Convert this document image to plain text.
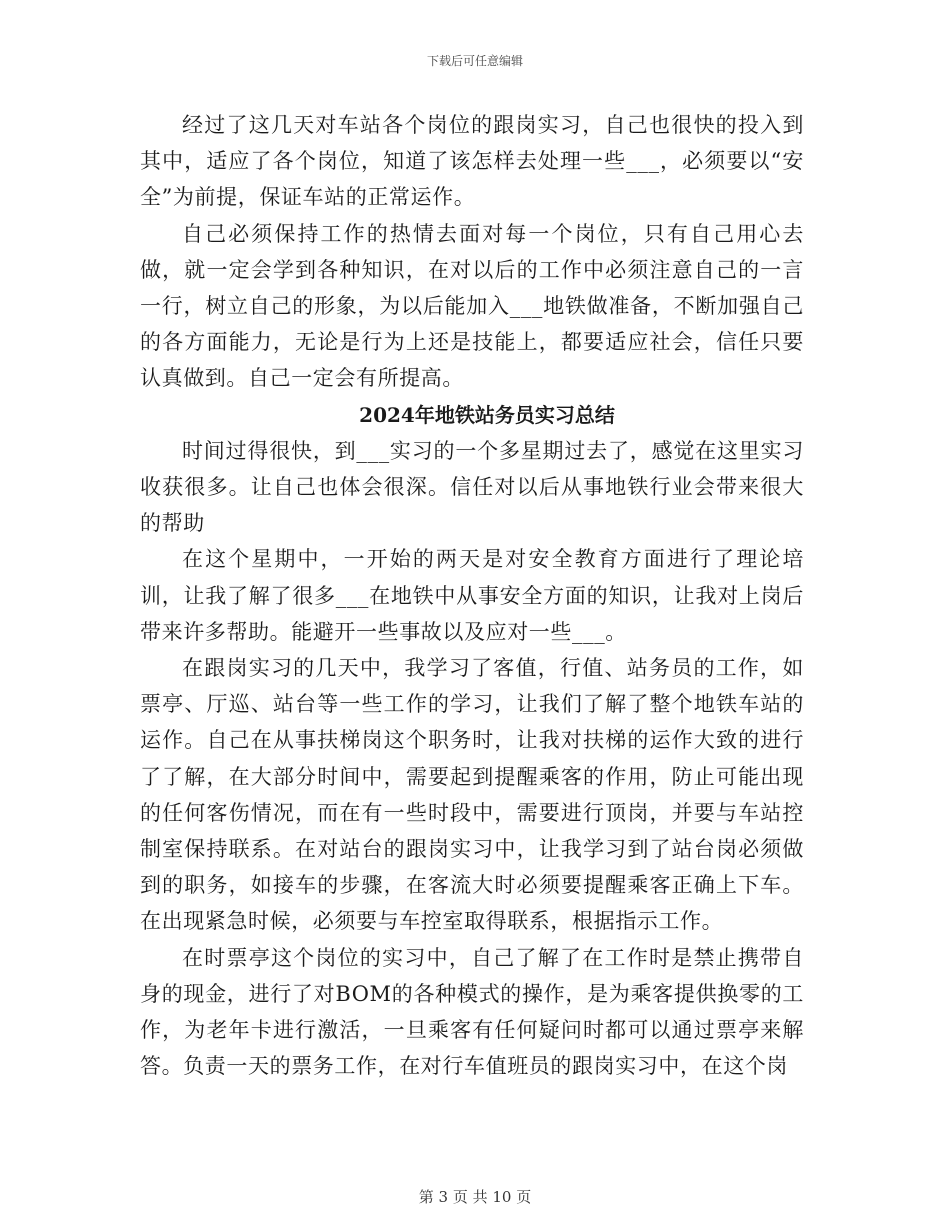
下载后可任意编辑

经过了这几天对车站各个岗位的跟岗实习，自己也很快的投入到其中，适应了各个岗位，知道了该怎样去处理一些___，必须要以“安全”为前提，保证车站的正常运作。

自己必须保持工作的热情去面对每一个岗位，只有自己用心去做，就一定会学到各种知识，在对以后的工作中必须注意自己的一言一行，树立自己的形象，为以后能加入___地铁做准备，不断加强自己的各方面能力，无论是行为上还是技能上，都要适应社会，信任只要认真做到。自己一定会有所提高。

2024年地铁站务员实习总结

时间过得很快，到___实习的一个多星期过去了，感觉在这里实习收获很多。让自己也体会很深。信任对以后从事地铁行业会带来很大的帮助

在这个星期中，一开始的两天是对安全教育方面进行了理论培训，让我了解了很多___在地铁中从事安全方面的知识，让我对上岗后带来许多帮助。能避开一些事故以及应对一些___。

在跟岗实习的几天中，我学习了客值，行值、站务员的工作，如票亭、厅巡、站台等一些工作的学习，让我们了解了整个地铁车站的运作。自己在从事扶梯岗这个职务时，让我对扶梯的运作大致的进行了了解，在大部分时间中，需要起到提醒乘客的作用，防止可能出现的任何客伤情况，而在有一些时段中，需要进行顶岗，并要与车站控制室保持联系。在对站台的跟岗实习中，让我学习到了站台岗必须做到的职务，如接车的步骤，在客流大时必须要提醒乘客正确上下车。在出现紧急时候，必须要与车控室取得联系，根据指示工作。

在时票亭这个岗位的实习中，自己了解了在工作时是禁止携带自身的现金，进行了对BOM的各种模式的操作，是为乘客提供换零的工作，为老年卡进行激活，一旦乘客有任何疑问时都可以通过票亭来解答。负责一天的票务工作，在对行车值班员的跟岗实习中，在这个岗

第 3 页 共 10 页
